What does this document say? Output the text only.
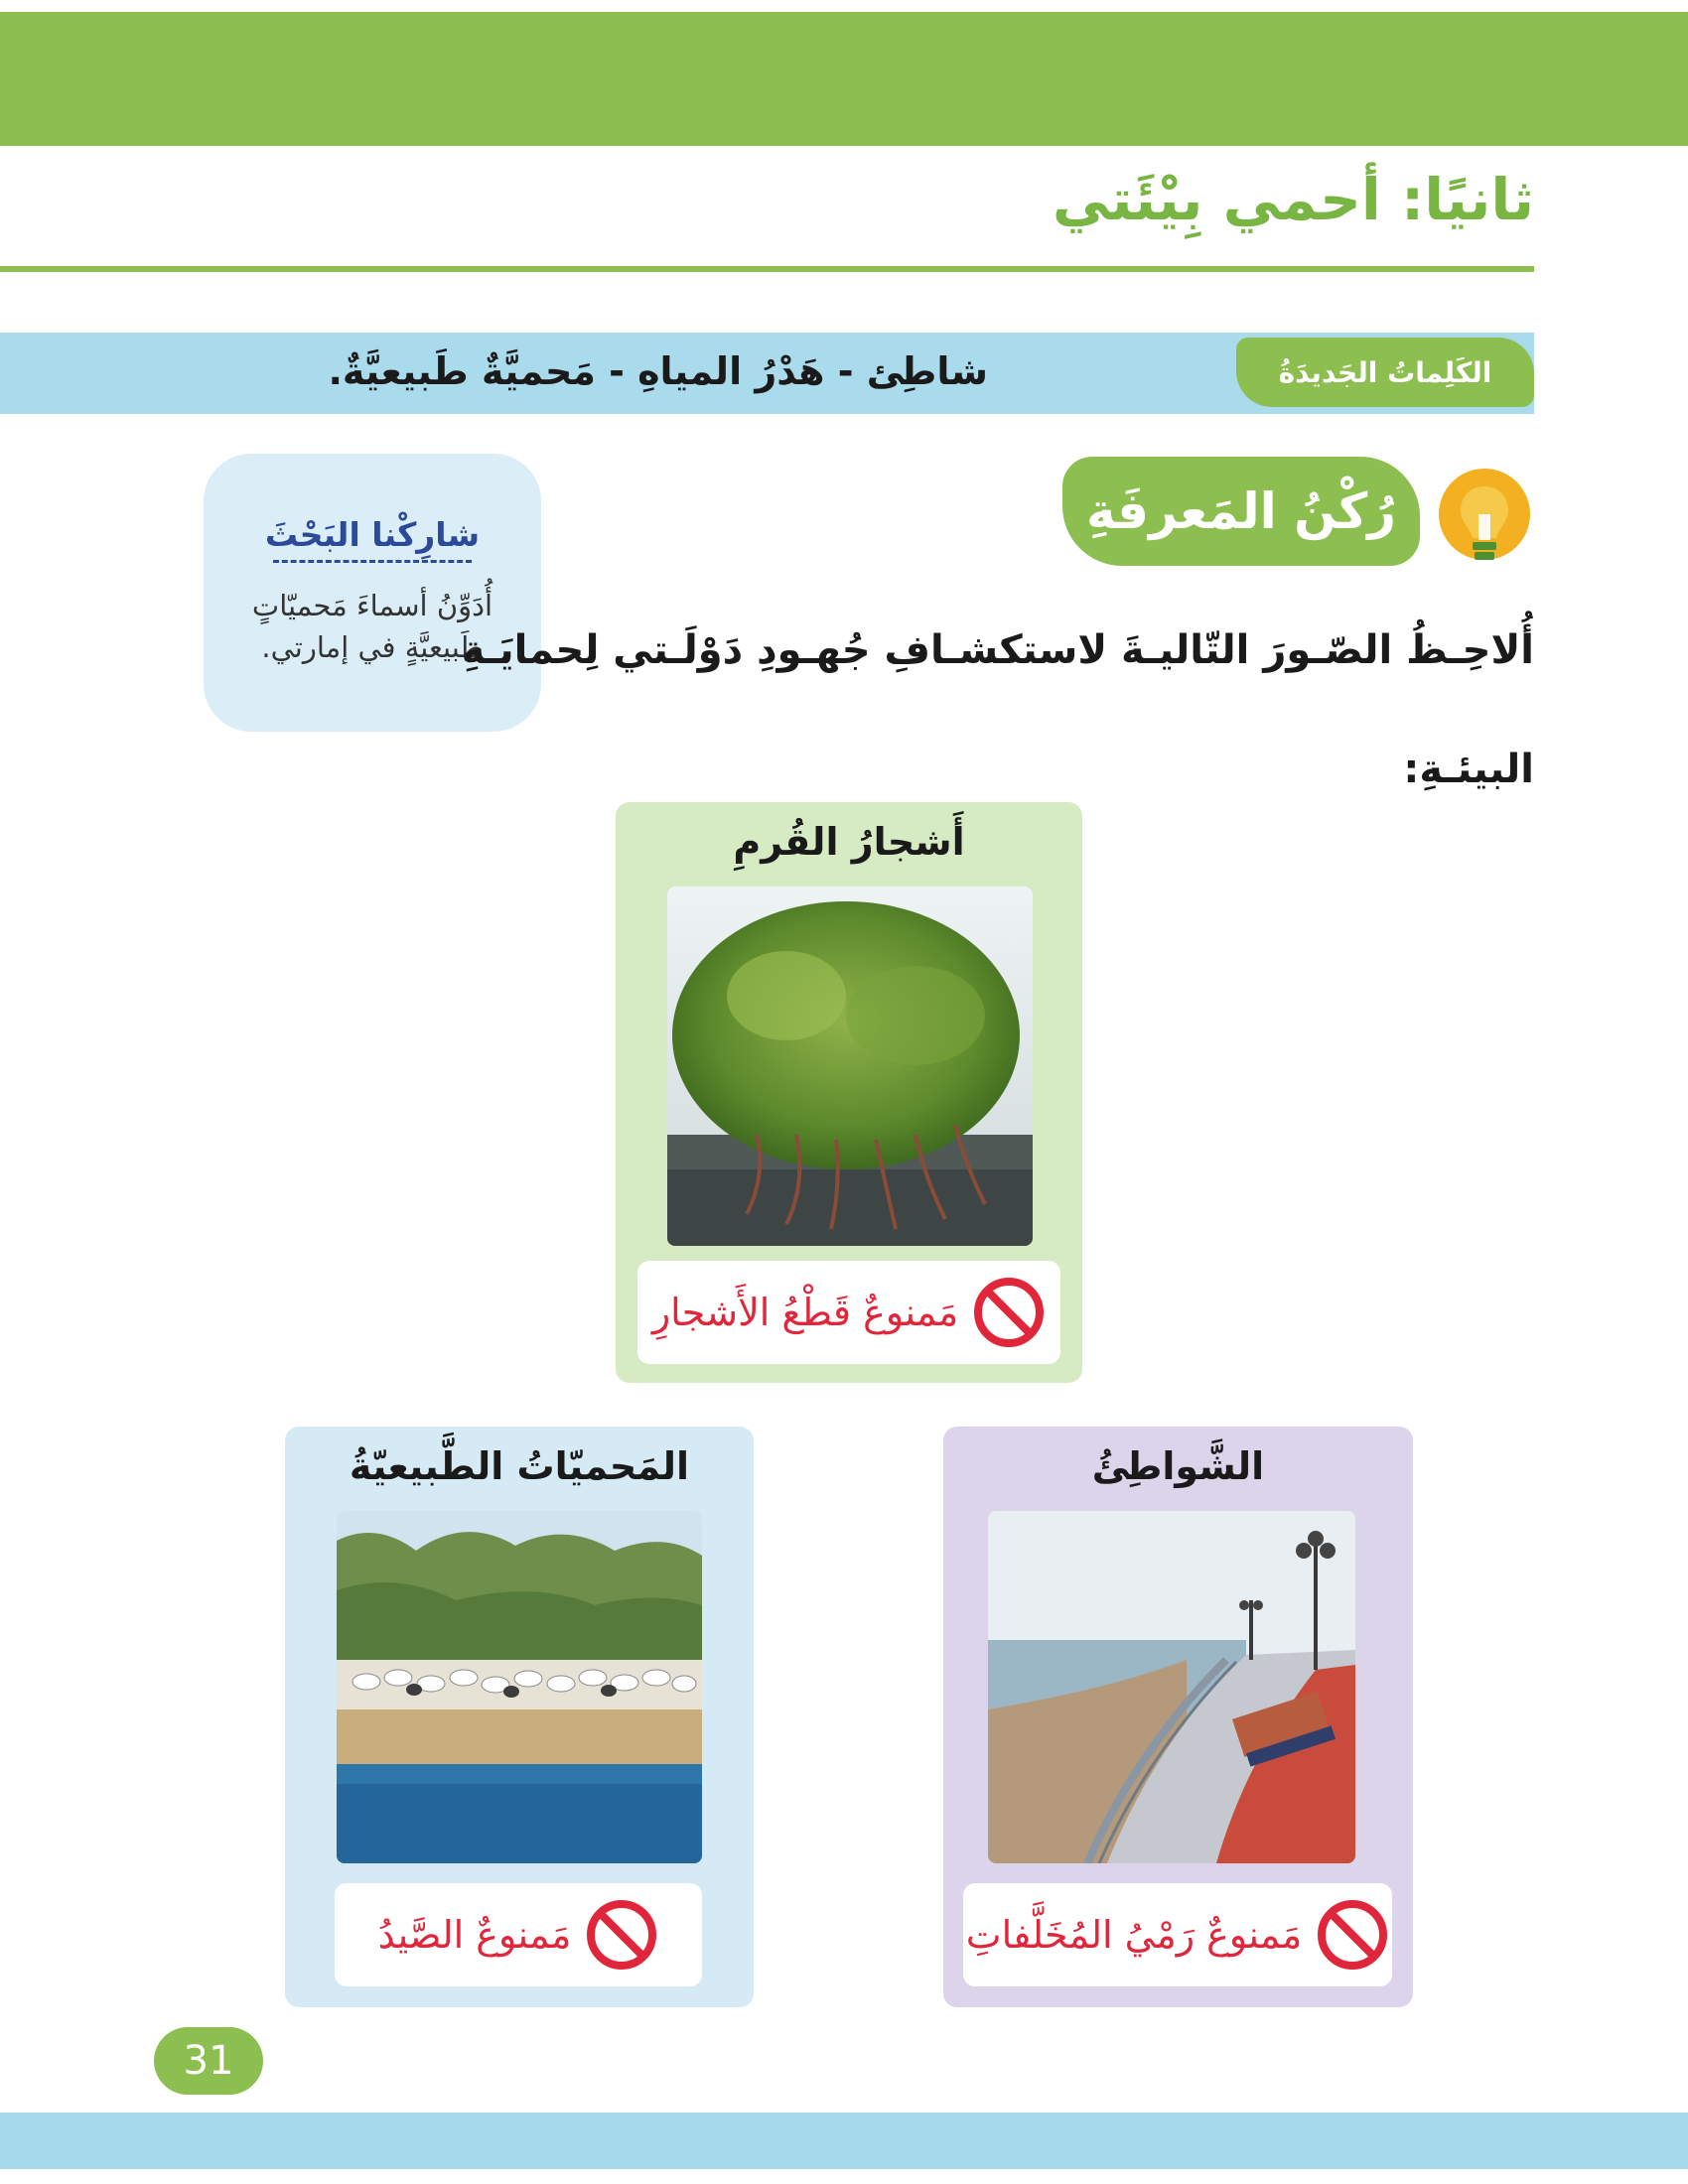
ثانيًا: أحمي بِيْئَتي
الكَلِماتُ الجَديدَةُ
شاطِئ - هَدْرُ المياهِ - مَحميَّةٌ طَبيعيَّةٌ.
رُكْنُ المَعرفَةِ
شارِكْنا البَحْثَ
أُدَوِّنُ أسماءَ مَحميّاتٍ طَبيعيَّةٍ في إمارتي.
أُلاحِـظُ الصّـورَ التّاليـةَ لاستكشـافِ جُهـودِ دَوْلَـتي لِحمايَـةِ
البيئـةِ:
أَشجارُ القُرمِ
مَمنوعٌ قَطْعُ الأَشجارِ
المَحميّاتُ الطَّبيعيّةُ
مَمنوعٌ الصَّيدُ
الشَّواطِئُ
مَمنوعٌ رَمْيُ المُخَلَّفاتِ
31
